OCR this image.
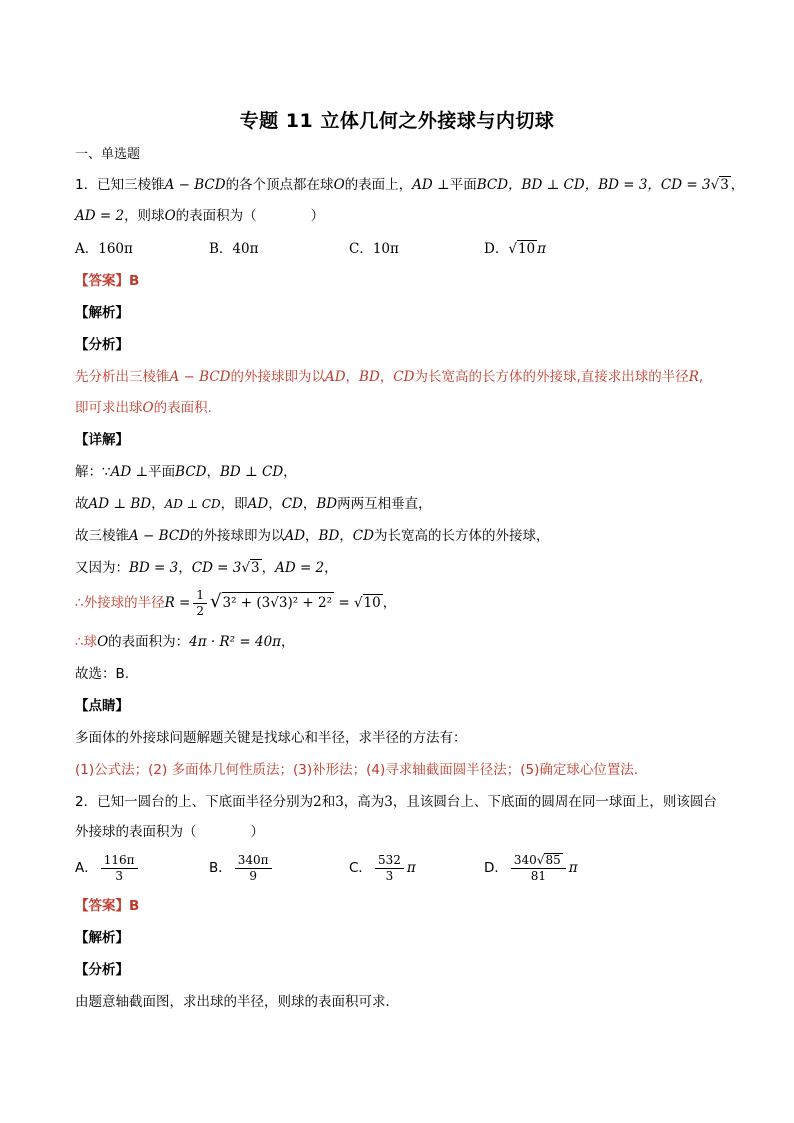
专题 11 立体几何之外接球与内切球
一、单选题
1．已知三棱锥A − BCD的各个顶点都在球O的表面上，AD ⊥平面BCD，BD ⊥ CD，BD = 3，CD = 3√3 ，
AD = 2，则球O的表面积为（　　　　）
A．160π	B．40π	C．10π	D．√10 π
【答案】B
【解析】
【分析】
先分析出三棱锥A − BCD的外接球即为以AD，BD，CD为长宽高的长方体的外接球,直接求出球的半径R,
即可求出球O的表面积.
【详解】
解：∵AD ⊥平面BCD，BD ⊥ CD，
故AD ⊥ BD，AD ⊥ CD，即AD，CD，BD两两互相垂直，
故三棱锥A − BCD的外接球即为以AD，BD，CD为长宽高的长方体的外接球，
又因为：BD = 3，CD = 3√3 ，AD = 2，
∴外接球的半径$R = \frac{1}{2} √3^2 + (3√3)^2 + 2^2 = √10$ ，
∴球O的表面积为：4π · R² = 40π，
故选：B.
【点睛】
多面体的外接球问题解题关键是找球心和半径，求半径的方法有：
(1)公式法；(2) 多面体几何性质法；(3)补形法；(4)寻求轴截面圆半径法；(5)确定球心位置法.
2．已知一圆台的上、下底面半径分别为2和3，高为3，且该圆台上、下底面的圆周在同一球面上，则该圆台
外接球的表面积为（　　　　）
A． $\frac{116\pi}{3}$	B． $\frac{340\pi}{9}$	C． $\frac{532}{3}$ π	D． $\frac{340√85}{81}$ π
【答案】B
【解析】
【分析】
由题意轴截面图，求出球的半径，则球的表面积可求．
